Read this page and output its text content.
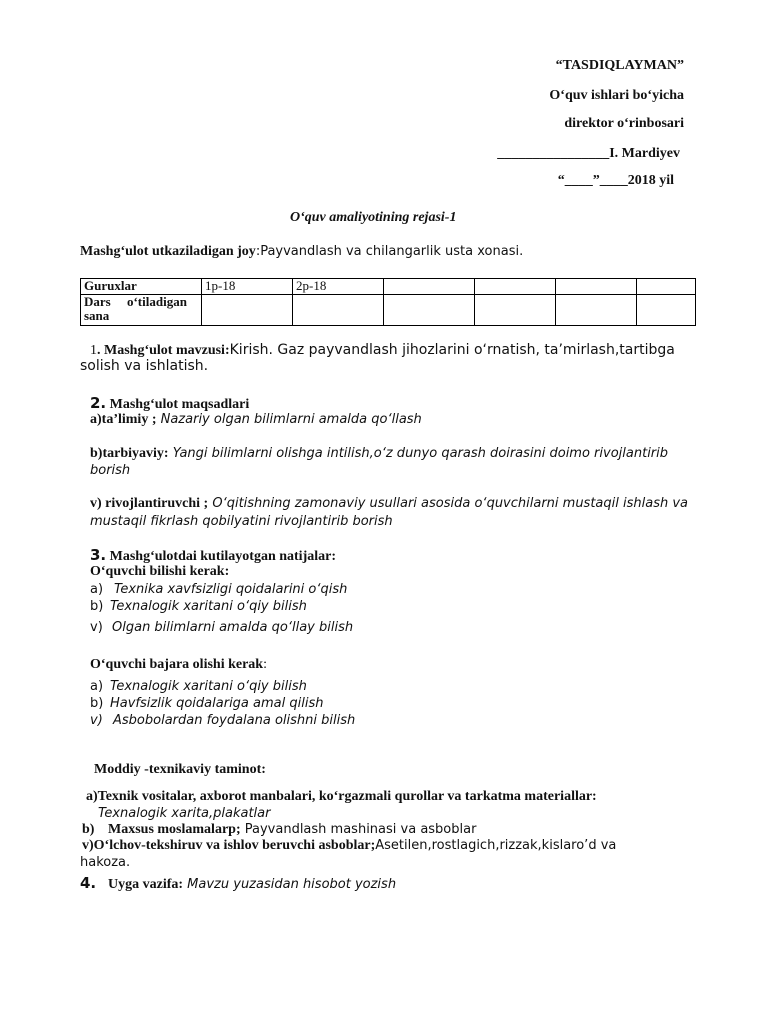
“TASDIQLAYMAN”
O‘quv ishlari bo‘yicha
direktor o‘rinbosari
________________I. Mardiyev
“____”____2018 yil
O‘quv amaliyotining rejasi-1
Mashg‘ulot utkaziladigan joy:Payvandlash va chilangarlik usta xonasi.
Guruxlar	1p-18	2p-18				
Dars     o‘tiladigan
sana						
1. Mashg‘ulot mavzusi:Kirish. Gaz payvandlash jihozlarini o‘rnatish, ta’mirlash,tartibga
solish va ishlatish.
2. Mashg‘ulot maqsadlari
a)ta’limiy ; Nazariy olgan bilimlarni amalda qo‘llash
b)tarbiyaviy: Yangi bilimlarni olishga intilish,o‘z dunyo qarash doirasini doimo rivojlantirib
borish
v) rivojlantiruvchi ; O‘qitishning zamonaviy usullari asosida o‘quvchilarni mustaqil ishlash va
mustaqil fikrlash qobilyatini rivojlantirib borish
3. Mashg‘ulotdai kutilayotgan natijalar:
O‘quvchi bilishi kerak:
a) Texnika xavfsizligi qoidalarini o‘qish
b) Texnalogik xaritani o‘qiy bilish
v) Olgan bilimlarni amalda qo‘llay bilish
O‘quvchi bajara olishi kerak:
a) Texnalogik xaritani o‘qiy bilish
b) Havfsizlik qoidalariga amal qilish
v) Asbobolardan foydalana olishni bilish
Moddiy -texnikaviy taminot:
a)Texnik vositalar, axborot manbalari, ko‘rgazmali qurollar va tarkatma materiallar:
Texnalogik xarita,plakatlar
b) Maxsus moslamalarp; Payvandlash mashinasi va asboblar
v)O‘lchov-tekshiruv va ishlov beruvchi asboblar;Asetilen,rostlagich,rizzak,kislaro’d va
hakoza.
4. Uyga vazifa: Mavzu yuzasidan hisobot yozish
